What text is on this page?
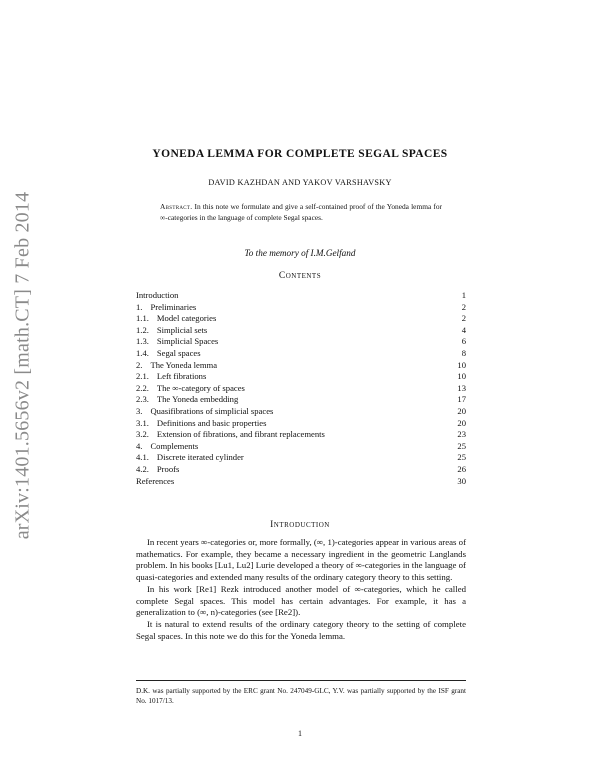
arXiv:1401.5656v2 [math.CT] 7 Feb 2014
YONEDA LEMMA FOR COMPLETE SEGAL SPACES
DAVID KAZHDAN AND YAKOV VARSHAVSKY
Abstract. In this note we formulate and give a self-contained proof of the Yoneda lemma for ∞-categories in the language of complete Segal spaces.
To the memory of I.M.Gelfand
Contents
Introduction	1
1. Preliminaries	2
1.1. Model categories	2
1.2. Simplicial sets	4
1.3. Simplicial Spaces	6
1.4. Segal spaces	8
2. The Yoneda lemma	10
2.1. Left fibrations	10
2.2. The ∞-category of spaces	13
2.3. The Yoneda embedding	17
3. Quasifibrations of simplicial spaces	20
3.1. Definitions and basic properties	20
3.2. Extension of fibrations, and fibrant replacements	23
4. Complements	25
4.1. Discrete iterated cylinder	25
4.2. Proofs	26
References	30
Introduction

In recent years ∞-categories or, more formally, (∞, 1)-categories appear in various areas of mathematics. For example, they became a necessary ingredient in the geometric Langlands problem. In his books [Lu1, Lu2] Lurie developed a theory of ∞-categories in the language of quasi-categories and extended many results of the ordinary category theory to this setting.

In his work [Re1] Rezk introduced another model of ∞-categories, which he called complete Segal spaces. This model has certain advantages. For example, it has a generalization to (∞, n)-categories (see [Re2]).

It is natural to extend results of the ordinary category theory to the setting of complete Segal spaces. In this note we do this for the Yoneda lemma.

D.K. was partially supported by the ERC grant No. 247049-GLC, Y.V. was partially supported by the ISF grant No. 1017/13.
1
